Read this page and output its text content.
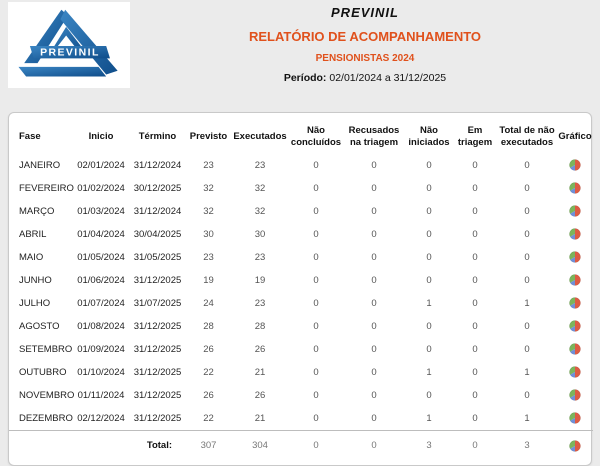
PREVINIL
PREVINIL
RELATÓRIO DE ACOMPANHAMENTO
PENSIONISTAS 2024
Período: 02/01/2024 a 31/12/2025
Fase	Inicio	Término	Previsto	Executados	Não concluídos	Recusados na triagem	Não iniciados	Em triagem	Total de não executados	Gráfico
JANEIRO	02/01/2024	31/12/2024	23	23	0	0	0	0	0	
FEVEREIRO	01/02/2024	30/12/2025	32	32	0	0	0	0	0	
MARÇO	01/03/2024	31/12/2024	32	32	0	0	0	0	0	
ABRIL	01/04/2024	30/04/2025	30	30	0	0	0	0	0	
MAIO	01/05/2024	31/05/2025	23	23	0	0	0	0	0	
JUNHO	01/06/2024	31/12/2025	19	19	0	0	0	0	0	
JULHO	01/07/2024	31/07/2025	24	23	0	0	1	0	1	
AGOSTO	01/08/2024	31/12/2025	28	28	0	0	0	0	0	
SETEMBRO	01/09/2024	31/12/2025	26	26	0	0	0	0	0	
OUTUBRO	01/10/2024	31/12/2025	22	21	0	0	1	0	1	
NOVEMBRO	01/11/2024	31/12/2025	26	26	0	0	0	0	0	
DEZEMBRO	02/12/2024	31/12/2025	22	21	0	0	1	0	1	
Total:			307	304	0	0	3	0	3	
